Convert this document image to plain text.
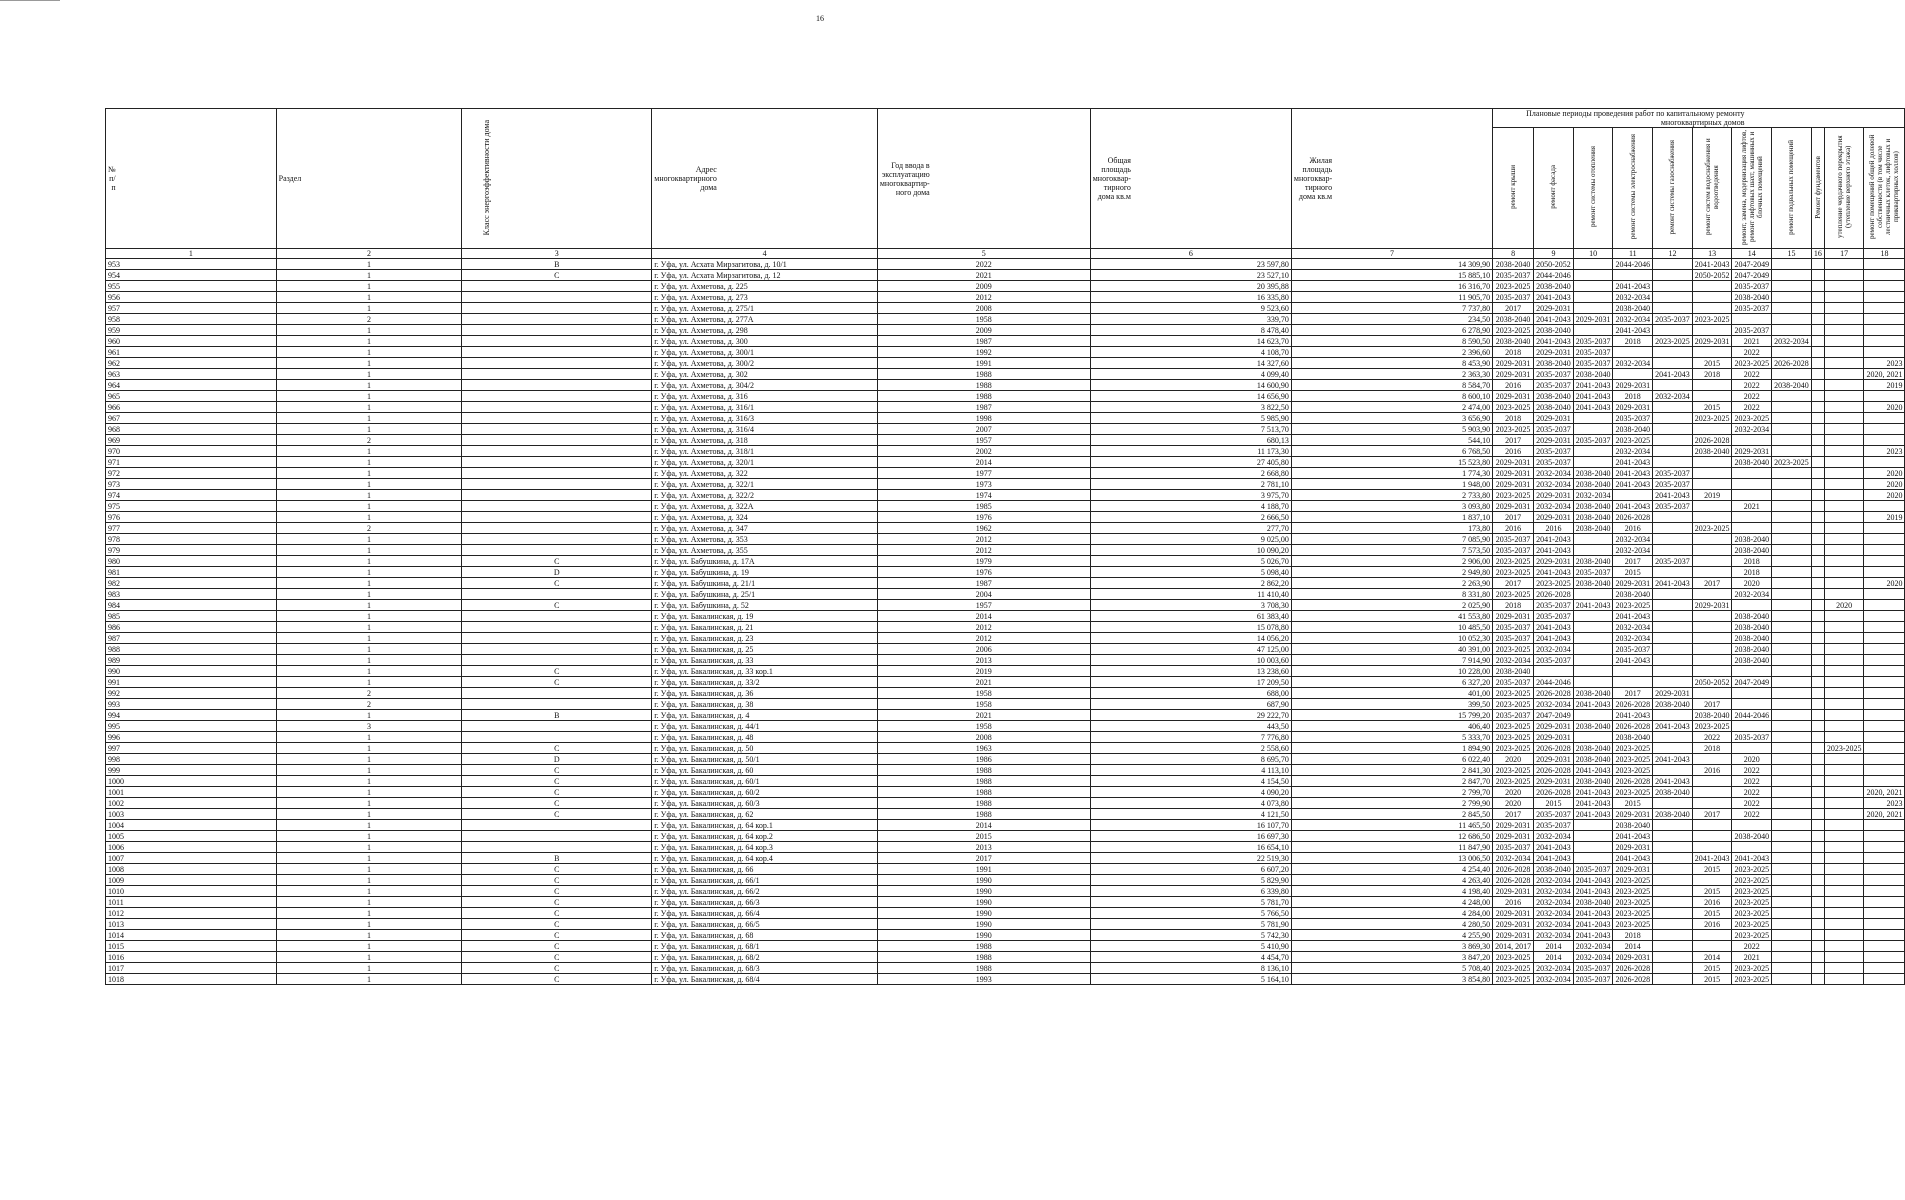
16
№ п/п	Раздел	Класс энергоэффективности дома	Адрес многоквартирного дома	Год ввода в эксплуатацию многоквартир-ного дома	Общая площадь многоквар-тирного дома кв.м	Жилая площадь многоквар-тирного дома кв.м	Плановые периоды проведения работ по капитальному ремонту многоквартирных домов										
							ремонт крыши	ремонт фасада	ремонт системы отопления	ремонт системы электроснабжения	ремонт системы газоснабжения	ремонт систем водоснабжения и водоотведения	ремонт, замена, модернизация лифтов, ремонт лифтовых шахт, машинных и блочных помещений	ремонт подвальных помещений	Ремонт фундаментов	утепление чердачного перекрытия (утепление верхнего этажа)	ремонт помещений общей долевой собственности (в том числе лестничных клеток, лифтовых и приквартирных холлов)
1	2	3	4	5	6	7	8	9	10	11	12	13	14	15	16	17	18
953	1	B	г. Уфа, ул. Асхата Мирзагитова, д. 10/1	2022	23 597,80	14 309,90	2038-2040	2050-2052		2044-2046		2041-2043	2047-2049				
954	1	C	г. Уфа, ул. Асхата Мирзагитова, д. 12	2021	23 527,10	15 885,10	2035-2037	2044-2046				2050-2052	2047-2049				
955	1		г. Уфа, ул. Ахметова, д. 225	2009	20 395,88	16 316,70	2023-2025	2038-2040		2041-2043			2035-2037				
956	1		г. Уфа, ул. Ахметова, д. 273	2012	16 335,80	11 905,70	2035-2037	2041-2043		2032-2034			2038-2040				
957	1		г. Уфа, ул. Ахметова, д. 275/1	2008	9 523,60	7 737,80	2017	2029-2031		2038-2040			2035-2037				
958	2		г. Уфа, ул. Ахметова, д. 277А	1958	339,70	234,50	2038-2040	2041-2043	2029-2031	2032-2034	2035-2037	2023-2025					
959	1		г. Уфа, ул. Ахметова, д. 298	2009	8 478,40	6 278,90	2023-2025	2038-2040		2041-2043			2035-2037				
960	1		г. Уфа, ул. Ахметова, д. 300	1987	14 623,70	8 590,50	2038-2040	2041-2043	2035-2037	2018	2023-2025	2029-2031	2021	2032-2034			
961	1		г. Уфа, ул. Ахметова, д. 300/1	1992	4 108,70	2 396,60	2018	2029-2031	2035-2037				2022				
962	1		г. Уфа, ул. Ахметова, д. 300/2	1991	14 327,60	8 453,90	2029-2031	2038-2040	2035-2037	2032-2034		2015	2023-2025	2026-2028			2023
963	1		г. Уфа, ул. Ахметова, д. 302	1988	4 099,40	2 363,30	2029-2031	2035-2037	2038-2040		2041-2043	2018	2022				2020, 2021
964	1		г. Уфа, ул. Ахметова, д. 304/2	1988	14 600,90	8 584,70	2016	2035-2037	2041-2043	2029-2031			2022	2038-2040			2019
965	1		г. Уфа, ул. Ахметова, д. 316	1988	14 656,90	8 600,10	2029-2031	2038-2040	2041-2043	2018	2032-2034		2022				
966	1		г. Уфа, ул. Ахметова, д. 316/1	1987	3 822,50	2 474,00	2023-2025	2038-2040	2041-2043	2029-2031		2015	2022				2020
967	1		г. Уфа, ул. Ахметова, д. 316/3	1998	5 985,90	3 656,90	2018	2029-2031		2035-2037		2023-2025	2023-2025				
968	1		г. Уфа, ул. Ахметова, д. 316/4	2007	7 513,70	5 903,90	2023-2025	2035-2037		2038-2040			2032-2034				
969	2		г. Уфа, ул. Ахметова, д. 318	1957	680,13	544,10	2017	2029-2031	2035-2037	2023-2025		2026-2028					
970	1		г. Уфа, ул. Ахметова, д. 318/1	2002	11 173,30	6 768,50	2016	2035-2037		2032-2034		2038-2040	2029-2031				2023
971	1		г. Уфа, ул. Ахметова, д. 320/1	2014	27 405,80	15 523,80	2029-2031	2035-2037		2041-2043			2038-2040	2023-2025			
972	1		г. Уфа, ул. Ахметова, д. 322	1977	2 668,80	1 774,30	2029-2031	2032-2034	2038-2040	2041-2043	2035-2037						2020
973	1		г. Уфа, ул. Ахметова, д. 322/1	1973	2 781,10	1 948,00	2029-2031	2032-2034	2038-2040	2041-2043	2035-2037						2020
974	1		г. Уфа, ул. Ахметова, д. 322/2	1974	3 975,70	2 733,80	2023-2025	2029-2031	2032-2034		2041-2043	2019					2020
975	1		г. Уфа, ул. Ахметова, д. 322А	1985	4 188,70	3 093,80	2029-2031	2032-2034	2038-2040	2041-2043	2035-2037		2021				
976	1		г. Уфа, ул. Ахметова, д. 324	1976	2 666,50	1 837,10	2017	2029-2031	2038-2040	2026-2028							2019
977	2		г. Уфа, ул. Ахметова, д. 347	1962	277,70	173,80	2016	2016	2038-2040	2016		2023-2025					
978	1		г. Уфа, ул. Ахметова, д. 353	2012	9 025,00	7 085,90	2035-2037	2041-2043		2032-2034			2038-2040				
979	1		г. Уфа, ул. Ахметова, д. 355	2012	10 090,20	7 573,50	2035-2037	2041-2043		2032-2034			2038-2040				
980	1	C	г. Уфа, ул. Бабушкина, д. 17А	1979	5 026,70	2 906,00	2023-2025	2029-2031	2038-2040	2017	2035-2037		2018				
981	1	D	г. Уфа, ул. Бабушкина, д. 19	1976	5 098,40	2 949,80	2023-2025	2041-2043	2035-2037	2015			2018				
982	1	C	г. Уфа, ул. Бабушкина, д. 21/1	1987	2 862,20	2 263,90	2017	2023-2025	2038-2040	2029-2031	2041-2043	2017	2020				2020
983	1		г. Уфа, ул. Бабушкина, д. 25/1	2004	11 410,40	8 331,80	2023-2025	2026-2028		2038-2040			2032-2034				
984	1	C	г. Уфа, ул. Бабушкина, д. 52	1957	3 708,30	2 025,90	2018	2035-2037	2041-2043	2023-2025		2029-2031				2020	
985	1		г. Уфа, ул. Бакалинская, д. 19	2014	61 383,40	41 553,80	2029-2031	2035-2037		2041-2043			2038-2040				
986	1		г. Уфа, ул. Бакалинская, д. 21	2012	15 078,80	10 485,50	2035-2037	2041-2043		2032-2034			2038-2040				
987	1		г. Уфа, ул. Бакалинская, д. 23	2012	14 056,20	10 052,30	2035-2037	2041-2043		2032-2034			2038-2040				
988	1		г. Уфа, ул. Бакалинская, д. 25	2006	47 125,00	40 391,00	2023-2025	2032-2034		2035-2037			2038-2040				
989	1		г. Уфа, ул. Бакалинская, д. 33	2013	10 003,60	7 914,90	2032-2034	2035-2037		2041-2043			2038-2040				
990	1	C	г. Уфа, ул. Бакалинская, д. 33 кор.1	2019	13 238,60	10 228,00	2038-2040										
991	1	C	г. Уфа, ул. Бакалинская, д. 33/2	2021	17 209,50	6 327,20	2035-2037	2044-2046				2050-2052	2047-2049				
992	2		г. Уфа, ул. Бакалинская, д. 36	1958	688,00	401,00	2023-2025	2026-2028	2038-2040	2017	2029-2031						
993	2		г. Уфа, ул. Бакалинская, д. 38	1958	687,90	399,50	2023-2025	2032-2034	2041-2043	2026-2028	2038-2040	2017					
994	1	B	г. Уфа, ул. Бакалинская, д. 4	2021	29 222,70	15 799,20	2035-2037	2047-2049		2041-2043		2038-2040	2044-2046				
995	3		г. Уфа, ул. Бакалинская, д. 44/1	1958	443,50	406,40	2023-2025	2029-2031	2038-2040	2026-2028	2041-2043	2023-2025					
996	1		г. Уфа, ул. Бакалинская, д. 48	2008	7 776,80	5 333,70	2023-2025	2029-2031		2038-2040		2022	2035-2037				
997	1	C	г. Уфа, ул. Бакалинская, д. 50	1963	2 558,60	1 894,90	2023-2025	2026-2028	2038-2040	2023-2025		2018				2023-2025	
998	1	D	г. Уфа, ул. Бакалинская, д. 50/1	1986	8 695,70	6 022,40	2020	2029-2031	2038-2040	2023-2025	2041-2043		2020				
999	1	C	г. Уфа, ул. Бакалинская, д. 60	1988	4 113,10	2 841,30	2023-2025	2026-2028	2041-2043	2023-2025		2016	2022				
1000	1	C	г. Уфа, ул. Бакалинская, д. 60/1	1988	4 154,50	2 847,70	2023-2025	2029-2031	2038-2040	2026-2028	2041-2043		2022				
1001	1	C	г. Уфа, ул. Бакалинская, д. 60/2	1988	4 090,20	2 799,70	2020	2026-2028	2041-2043	2023-2025	2038-2040		2022				2020, 2021
1002	1	C	г. Уфа, ул. Бакалинская, д. 60/3	1988	4 073,80	2 799,90	2020	2015	2041-2043	2015			2022				2023
1003	1	C	г. Уфа, ул. Бакалинская, д. 62	1988	4 121,50	2 845,50	2017	2035-2037	2041-2043	2029-2031	2038-2040	2017	2022				2020, 2021
1004	1		г. Уфа, ул. Бакалинская, д. 64 кор.1	2014	16 107,70	11 465,50	2029-2031	2035-2037		2038-2040							
1005	1		г. Уфа, ул. Бакалинская, д. 64 кор.2	2015	16 697,30	12 686,50	2029-2031	2032-2034		2041-2043			2038-2040				
1006	1		г. Уфа, ул. Бакалинская, д. 64 кор.3	2013	16 654,10	11 847,90	2035-2037	2041-2043		2029-2031							
1007	1	B	г. Уфа, ул. Бакалинская, д. 64 кор.4	2017	22 519,30	13 006,50	2032-2034	2041-2043		2041-2043		2041-2043	2041-2043				
1008	1	C	г. Уфа, ул. Бакалинская, д. 66	1991	6 607,20	4 254,40	2026-2028	2038-2040	2035-2037	2029-2031		2015	2023-2025				
1009	1	C	г. Уфа, ул. Бакалинская, д. 66/1	1990	5 829,90	4 263,40	2026-2028	2032-2034	2041-2043	2023-2025			2023-2025				
1010	1	C	г. Уфа, ул. Бакалинская, д. 66/2	1990	6 339,80	4 198,40	2029-2031	2032-2034	2041-2043	2023-2025		2015	2023-2025				
1011	1	C	г. Уфа, ул. Бакалинская, д. 66/3	1990	5 781,70	4 248,00	2016	2032-2034	2038-2040	2023-2025		2016	2023-2025				
1012	1	C	г. Уфа, ул. Бакалинская, д. 66/4	1990	5 766,50	4 284,00	2029-2031	2032-2034	2041-2043	2023-2025		2015	2023-2025				
1013	1	C	г. Уфа, ул. Бакалинская, д. 66/5	1990	5 781,90	4 280,50	2029-2031	2032-2034	2041-2043	2023-2025		2016	2023-2025				
1014	1	C	г. Уфа, ул. Бакалинская, д. 68	1990	5 742,30	4 255,90	2029-2031	2032-2034	2041-2043	2018			2023-2025				
1015	1	C	г. Уфа, ул. Бакалинская, д. 68/1	1988	5 410,90	3 869,30	2014, 2017	2014	2032-2034	2014			2022				
1016	1	C	г. Уфа, ул. Бакалинская, д. 68/2	1988	4 454,70	3 847,20	2023-2025	2014	2032-2034	2029-2031		2014	2021				
1017	1	C	г. Уфа, ул. Бакалинская, д. 68/3	1988	8 136,10	5 708,40	2023-2025	2032-2034	2035-2037	2026-2028		2015	2023-2025				
1018	1	C	г. Уфа, ул. Бакалинская, д. 68/4	1993	5 164,10	3 854,80	2023-2025	2032-2034	2035-2037	2026-2028		2015	2023-2025				
